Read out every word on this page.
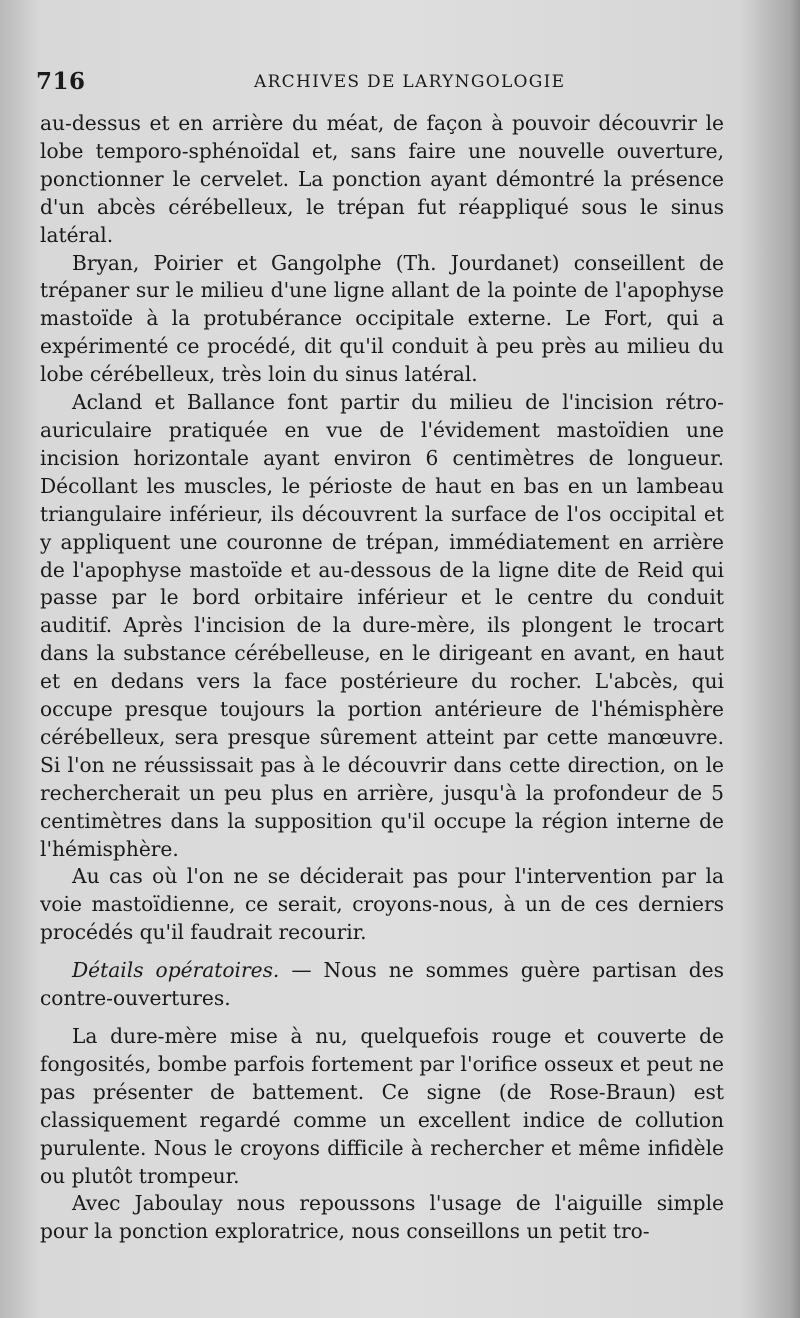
716	ARCHIVES DE LARYNGOLOGIE

au-dessus et en arrière du méat, de façon à pouvoir découvrir le lobe temporo-sphénoïdal et, sans faire une nouvelle ouverture, ponctionner le cervelet. La ponction ayant démontré la présence d'un abcès cérébelleux, le trépan fut réappliqué sous le sinus latéral.

Bryan, Poirier et Gangolphe (Th. Jourdanet) conseillent de trépaner sur le milieu d'une ligne allant de la pointe de l'apophyse mastoïde à la protubérance occipitale externe. Le Fort, qui a expérimenté ce procédé, dit qu'il conduit à peu près au milieu du lobe cérébelleux, très loin du sinus latéral.

Acland et Ballance font partir du milieu de l'incision rétro-auriculaire pratiquée en vue de l'évidement mastoïdien une incision horizontale ayant environ 6 centimètres de longueur. Décollant les muscles, le périoste de haut en bas en un lambeau triangulaire inférieur, ils découvrent la surface de l'os occipital et y appliquent une couronne de trépan, immédiatement en arrière de l'apophyse mastoïde et au-dessous de la ligne dite de Reid qui passe par le bord orbitaire inférieur et le centre du conduit auditif. Après l'incision de la dure-mère, ils plongent le trocart dans la substance cérébelleuse, en le dirigeant en avant, en haut et en dedans vers la face postérieure du rocher. L'abcès, qui occupe presque toujours la portion antérieure de l'hémisphère cérébelleux, sera presque sûrement atteint par cette manœuvre. Si l'on ne réussissait pas à le découvrir dans cette direction, on le rechercherait un peu plus en arrière, jusqu'à la profondeur de 5 centimètres dans la supposition qu'il occupe la région interne de l'hémisphère.

Au cas où l'on ne se déciderait pas pour l'intervention par la voie mastoïdienne, ce serait, croyons-nous, à un de ces derniers procédés qu'il faudrait recourir.

Détails opératoires. — Nous ne sommes guère partisan des contre-ouvertures.

La dure-mère mise à nu, quelquefois rouge et couverte de fongosités, bombe parfois fortement par l'orifice osseux et peut ne pas présenter de battement. Ce signe (de Rose-Braun) est classiquement regardé comme un excellent indice de collution purulente. Nous le croyons difficile à rechercher et même infidèle ou plutôt trompeur.

Avec Jaboulay nous repoussons l'usage de l'aiguille simple pour la ponction exploratrice, nous conseillons un petit tro-
